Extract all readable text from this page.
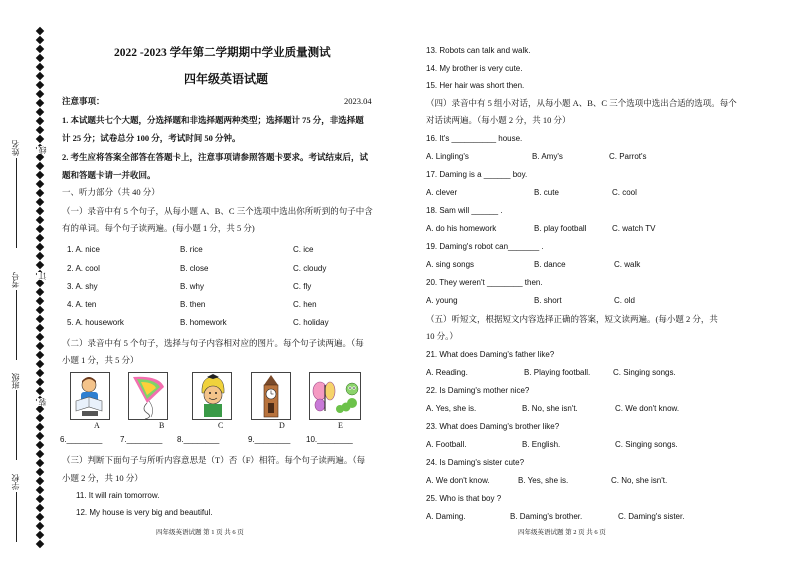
姓名
考号
班级
学校
线
订
装
2022 -2023 学年第二学期期中学业质量测试
四年级英语试题
注意事项：	2023.04
1. 本试题共七个大题，分选择题和非选择题两种类型；选择题计 75 分，非选择题
计 25 分；试卷总分 100 分，考试时间 50 分钟。
2. 考生应将答案全部答在答题卡上，注意事项请参照答题卡要求。考试结束后，试
题和答题卡请一并收回。
一、听力部分（共 40 分）
（一）录音中有 5 个句子，从每小题 A、B、C 三个选项中选出你所听到的句子中含
有的单词。每个句子读两遍。(每小题 1 分，共 5 分)
1. A. nice	B. rice	C. ice
2. A. cool	B. close	C. cloudy
3. A. shy	B. why	C. fly
4. A. ten	B. then	C. hen
5. A. housework	B. homework	C. holiday
（二）录音中有 5 个句子，选择与句子内容相对应的图片。每个句子读两遍。（每
小题 1 分，共 5 分）
A	B	C	D	E
6.________ 7.________ 8.________	9.________ 10.________
（三）判断下面句子与所听内容意思是（T）否（F）相符。每个句子读两遍。（每
小题 2 分，共 10 分）
11. It will rain tomorrow.
12. My house is very big and beautiful.
四年级英语试题 第 1 页 共 6 页
13. Robots can talk and walk.
14. My brother is very cute.
15. Her hair was short then.
（四）录音中有 5 组小对话，从每小题 A、B、C 三个选项中选出合适的选项。每个
对话读两遍。（每小题 2 分，共 10 分）
16. It's __________ house.
A. Lingling's	B. Amy's	C. Parrot's
17. Daming is a ______ boy.
A. clever	B. cute	C. cool
18. Sam will ______ .
A. do his homework	B. play football	C. watch TV
19. Daming's robot can_______ .
A. sing songs	B. dance	C. walk
20. They weren't ________ then.
A. young	B. short	C. old
（五）听短文，根据短文内容选择正确的答案，短文读两遍。(每小题 2 分，共
10 分。）
21. What does Daming's father like?
A. Reading.	B. Playing football.	C. Singing songs.
22. Is Daming's mother nice?
A. Yes, she is.	B. No, she isn't.	C. We don't know.
23. What does Daming's brother like?
A. Football.	B. English.	C. Singing songs.
24. Is Daming's sister cute?
A. We don't know.	B. Yes, she is.	C. No, she isn't.
25. Who is that boy ?
A. Daming.	B. Daming's brother.	C. Daming's sister.
四年级英语试题 第 2 页 共 6 页
